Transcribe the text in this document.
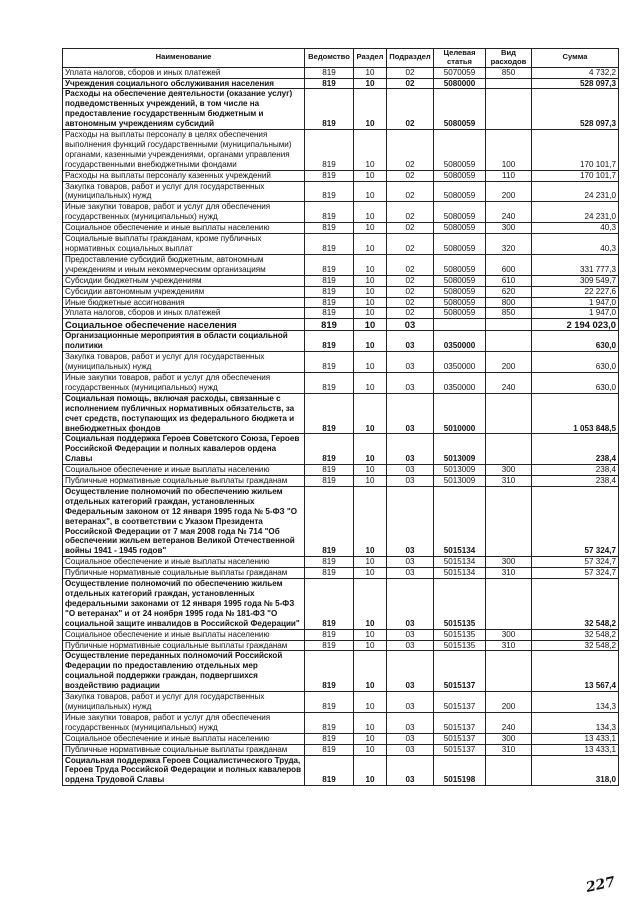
Наименование	Ведомство	Раздел	Подраздел	Целевая статья	Вид расходов	Сумма
Уплата налогов, сборов и иных платежей	819	10	02	5070059	850	4 732,2
Учреждения социального обслуживания населения	819	10	02	5080000		528 097,3
Расходы на обеспечение деятельности (оказание услуг) подведомственных учреждений, в том числе на предоставление государственным бюджетным и автономным учреждениям субсидий	819	10	02	5080059		528 097,3
Расходы на выплаты персоналу в целях обеспечения выполнения функций государственными (муниципальными) органами, казенными учреждениями, органами управления государственными внебюджетными фондами	819	10	02	5080059	100	170 101,7
Расходы на выплаты персоналу казенных учреждений	819	10	02	5080059	110	170 101,7
Закупка товаров, работ и услуг для государственных (муниципальных) нужд	819	10	02	5080059	200	24 231,0
Иные закупки товаров, работ и услуг для обеспечения государственных (муниципальных) нужд	819	10	02	5080059	240	24 231,0
Социальное обеспечение и иные выплаты населению	819	10	02	5080059	300	40,3
Социальные выплаты гражданам, кроме публичных нормативных социальных выплат	819	10	02	5080059	320	40,3
Предоставление субсидий бюджетным, автономным учреждениям и иным некоммерческим организациям	819	10	02	5080059	600	331 777,3
Субсидии бюджетным учреждениям	819	10	02	5080059	610	309 549,7
Субсидии автономным учреждениям	819	10	02	5080059	620	22 227,6
Иные бюджетные ассигнования	819	10	02	5080059	800	1 947,0
Уплата налогов, сборов и иных платежей	819	10	02	5080059	850	1 947,0
Социальное обеспечение населения	819	10	03			2 194 023,0
Организационные мероприятия в области социальной политики	819	10	03	0350000		630,0
Закупка товаров, работ и услуг для государственных (муниципальных) нужд	819	10	03	0350000	200	630,0
Иные закупки товаров, работ и услуг для обеспечения государственных (муниципальных) нужд	819	10	03	0350000	240	630,0
Социальная помощь, включая расходы, связанные с исполнением публичных нормативных обязательств, за счет средств, поступающих из федерального бюджета и внебюджетных фондов	819	10	03	5010000		1 053 848,5
Социальная поддержка Героев Советского Союза, Героев Российской Федерации и полных кавалеров ордена Славы	819	10	03	5013009		238,4
Социальное обеспечение и иные выплаты населению	819	10	03	5013009	300	238,4
Публичные нормативные социальные выплаты гражданам	819	10	03	5013009	310	238,4
Осуществление полномочий по обеспечению жильем отдельных категорий граждан, установленных Федеральным законом от 12 января 1995 года № 5-ФЗ "О ветеранах", в соответствии с Указом Президента Российской Федерации от 7 мая 2008 года № 714 "Об обеспечении жильем ветеранов Великой Отечественной войны 1941 - 1945 годов"	819	10	03	5015134		57 324,7
Социальное обеспечение и иные выплаты населению	819	10	03	5015134	300	57 324,7
Публичные нормативные социальные выплаты гражданам	819	10	03	5015134	310	57 324,7
Осуществление полномочий по обеспечению жильем отдельных категорий граждан, установленных федеральными законами от 12 января 1995 года № 5-ФЗ "О ветеранах" и от 24 ноября 1995 года № 181-ФЗ "О социальной защите инвалидов в Российской Федерации"	819	10	03	5015135		32 548,2
Социальное обеспечение и иные выплаты населению	819	10	03	5015135	300	32 548,2
Публичные нормативные социальные выплаты гражданам	819	10	03	5015135	310	32 548,2
Осуществление переданных полномочий Российской Федерации по предоставлению отдельных мер социальной поддержки граждан, подвергшихся воздействию радиации	819	10	03	5015137		13 567,4
Закупка товаров, работ и услуг для государственных (муниципальных) нужд	819	10	03	5015137	200	134,3
Иные закупки товаров, работ и услуг для обеспечения государственных (муниципальных) нужд	819	10	03	5015137	240	134,3
Социальное обеспечение и иные выплаты населению	819	10	03	5015137	300	13 433,1
Публичные нормативные социальные выплаты гражданам	819	10	03	5015137	310	13 433,1
Социальная поддержка Героев Социалистического Труда, Героев Труда Российской Федерации и полных кавалеров ордена Трудовой Славы	819	10	03	5015198		318,0
227
